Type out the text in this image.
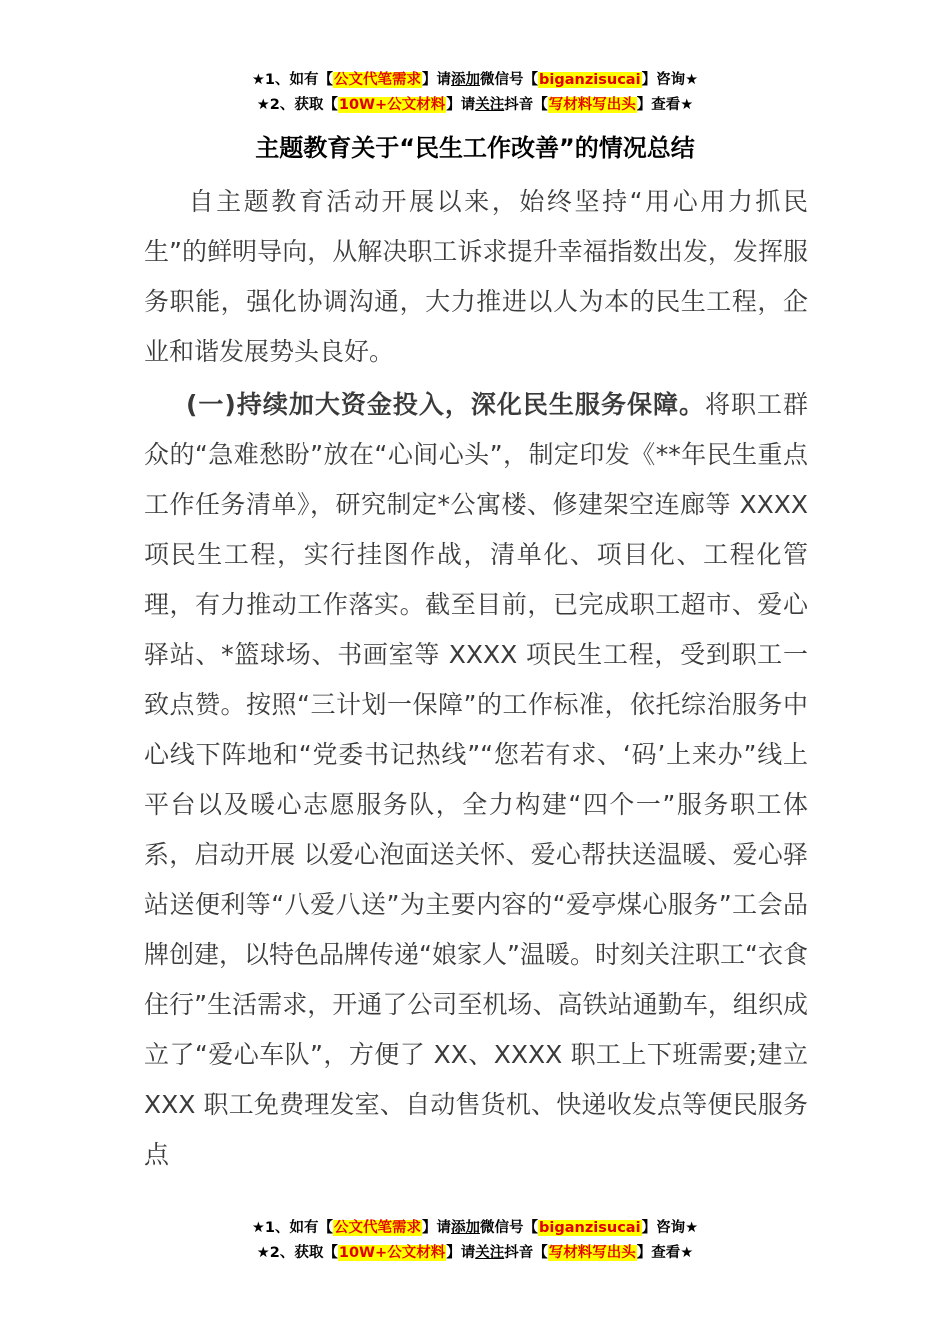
★1、如有【公文代笔需求】请添加微信号【biganzisucai】咨询★
★2、获取【10W+公文材料】请关注抖音【写材料写出头】查看★
主题教育关于“民生工作改善”的情况总结
自主题教育活动开展以来，始终坚持“用心用力抓民生”的鲜明导向，从解决职工诉求提升幸福指数出发，发挥服务职能，强化协调沟通，大力推进以人为本的民生工程，企业和谐发展势头良好。
(一)持续加大资金投入，深化民生服务保障。将职工群众的“急难愁盼”放在“心间心头”，制定印发《**年民生重点工作任务清单》，研究制定*公寓楼、修建架空连廊等 XXXX 项民生工程，实行挂图作战，清单化、项目化、工程化管理，有力推动工作落实。截至目前，已完成职工超市、爱心驿站、*篮球场、书画室等 XXXX 项民生工程，受到职工一致点赞。按照“三计划一保障”的工作标准，依托综治服务中心线下阵地和“党委书记热线”“您若有求、‘码’上来办”线上平台以及暖心志愿服务队，全力构建“四个一”服务职工体系，启动开展 以爱心泡面送关怀、爱心帮扶送温暖、爱心驿站送便利等“八爱八送”为主要内容的“爱亭煤心服务”工会品牌创建，以特色品牌传递“娘家人”温暖。时刻关注职工“衣食住行”生活需求，开通了公司至机场、高铁站通勤车，组织成立了“爱心车队”，方便了 XX、XXXX 职工上下班需要;建立 XXX 职工免费理发室、自动售货机、快递收发点等便民服务点
★1、如有【公文代笔需求】请添加微信号【biganzisucai】咨询★
★2、获取【10W+公文材料】请关注抖音【写材料写出头】查看★
